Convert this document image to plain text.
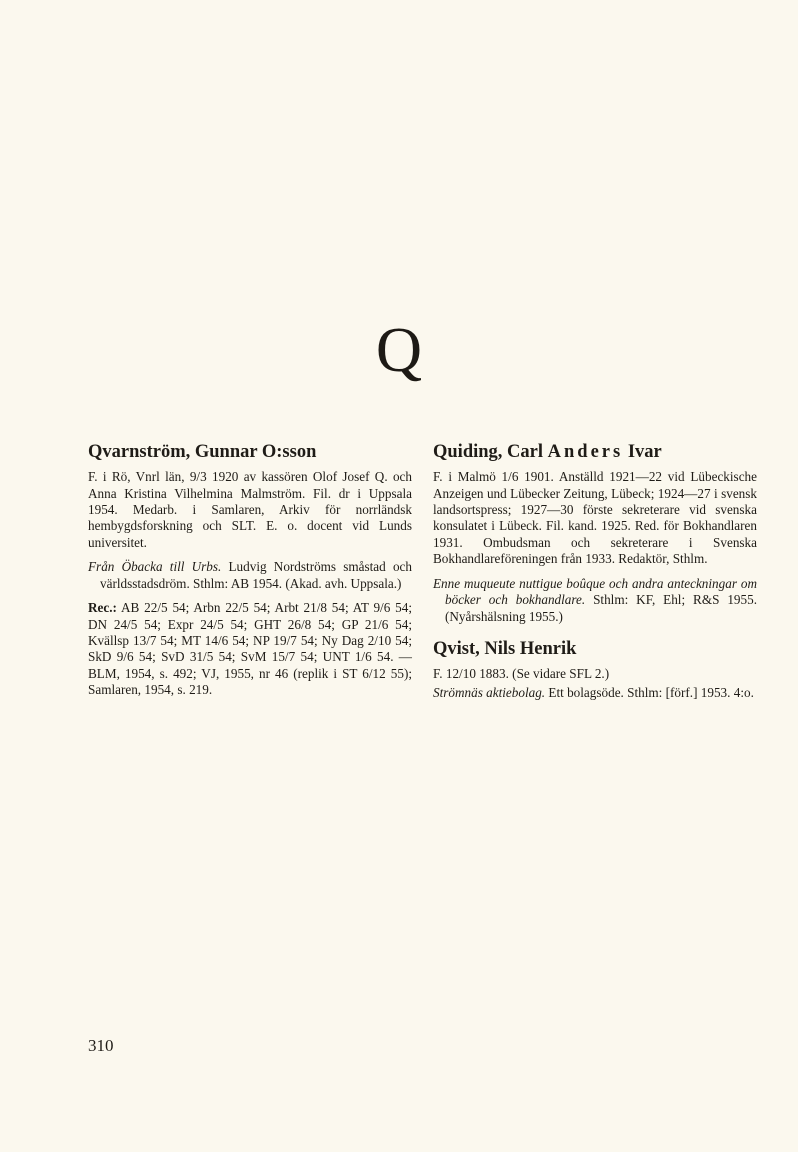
Q
Qvarnström, Gunnar O:sson

F. i Rö, Vnrl län, 9/3 1920 av kassören Olof Josef Q. och Anna Kristina Vilhelmina Malmström. Fil. dr i Uppsala 1954. Medarb. i Samlaren, Arkiv för norrländsk hembygdsforskning och SLT. E. o. docent vid Lunds universitet.

Från Öbacka till Urbs. Ludvig Nordströms småstad och världsstadsdröm. Sthlm: AB 1954. (Akad. avh. Uppsala.)

Rec.: AB 22/5 54; Arbn 22/5 54; Arbt 21/8 54; AT 9/6 54; DN 24/5 54; Expr 24/5 54; GHT 26/8 54; GP 21/6 54; Kvällsp 13/7 54; MT 14/6 54; NP 19/7 54; Ny Dag 2/10 54; SkD 9/6 54; SvD 31/5 54; SvM 15/7 54; UNT 1/6 54. — BLM, 1954, s. 492; VJ, 1955, nr 46 (replik i ST 6/12 55); Samlaren, 1954, s. 219.

Quiding, Carl Anders Ivar

F. i Malmö 1/6 1901. Anställd 1921—22 vid Lübeckische Anzeigen und Lübecker Zeitung, Lübeck; 1924—27 i svensk landsortspress; 1927—30 förste sekreterare vid svenska konsulatet i Lübeck. Fil. kand. 1925. Red. för Bokhandlaren 1931. Ombudsman och sekreterare i Svenska Bokhandlareföreningen från 1933. Redaktör, Sthlm.

Enne muqueute nuttigue boûque och andra anteckningar om böcker och bokhandlare. Sthlm: KF, Ehl; R&S 1955. (Nyårshälsning 1955.)

Qvist, Nils Henrik

F. 12/10 1883. (Se vidare SFL 2.)

Strömnäs aktiebolag. Ett bolagsöde. Sthlm: [förf.] 1953. 4:o.

310
